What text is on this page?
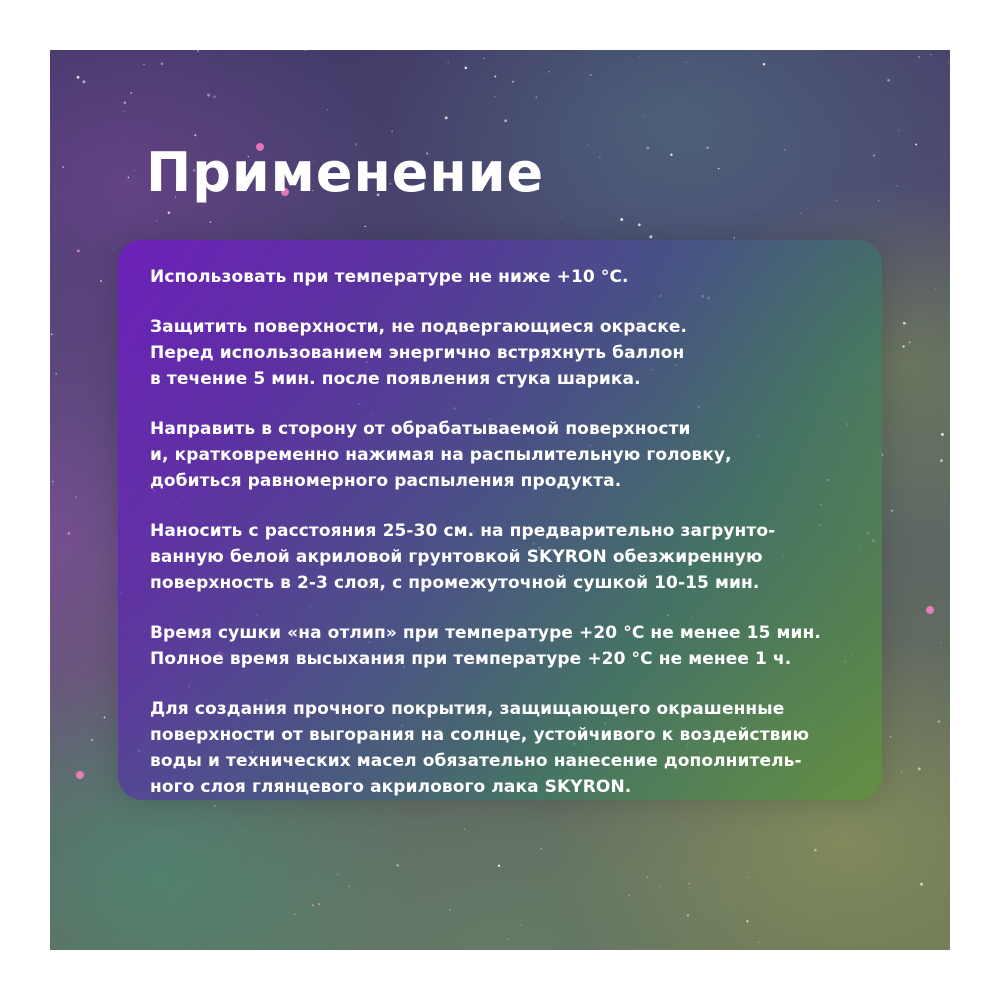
Применение

Использовать при температуре не ниже +10 °С.

Защитить поверхности, не подвергающиеся окраске.
Перед использованием энергично встряхнуть баллон
в течение 5 мин. после появления стука шарика.

Направить в сторону от обрабатываемой поверхности
и, кратковременно нажимая на распылительную головку,
добиться равномерного распыления продукта.

Наносить с расстояния 25-30 см. на предварительно загрунто-
ванную белой акриловой грунтовкой SKYRON обезжиренную
поверхность в 2-3 слоя, с промежуточной сушкой 10-15 мин.

Время сушки «на отлип» при температуре +20 °С не менее 15 мин.
Полное время высыхания при температуре +20 °С не менее 1 ч.

Для создания прочного покрытия, защищающего окрашенные
поверхности от выгорания на солнце, устойчивого к воздействию
воды и технических масел обязательно нанесение дополнитель-
ного слоя глянцевого акрилового лака SKYRON.
